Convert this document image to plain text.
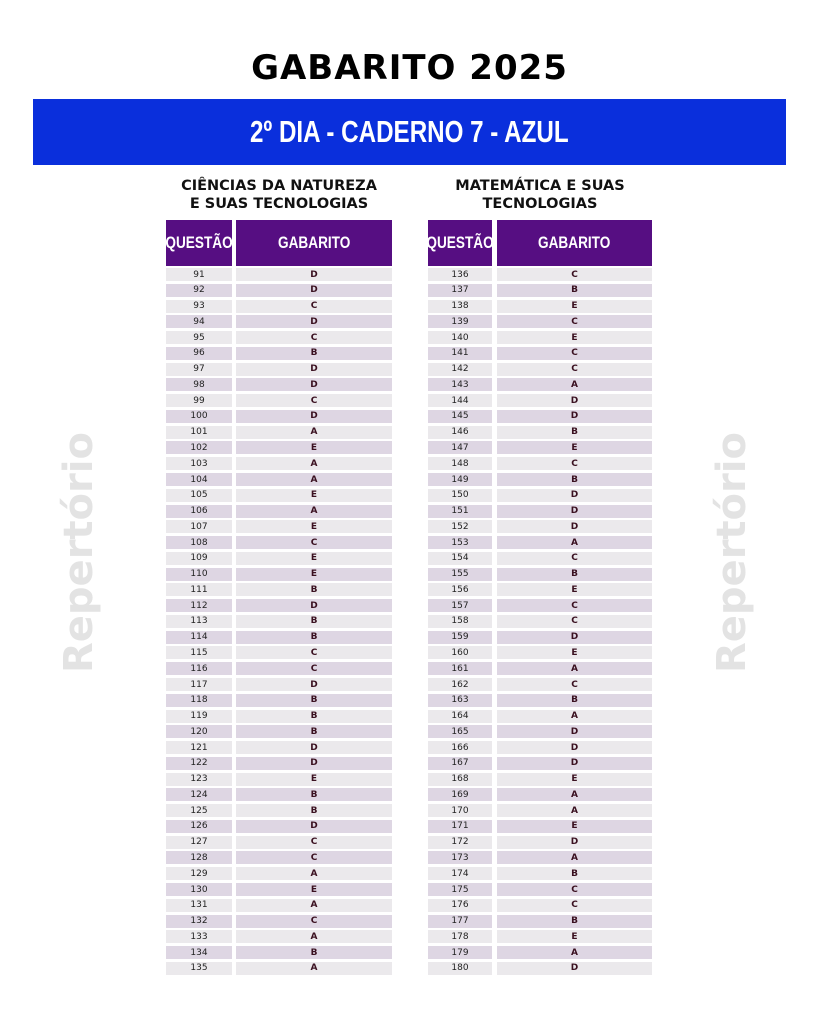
GABARITO 2025
2º DIA - CADERNO 7 - AZUL
CIÊNCIAS DA NATUREZA
E SUAS TECNOLOGIAS
QUESTÃO	GABARITO
91	D
92	D
93	C
94	D
95	C
96	B
97	D
98	D
99	C
100	D
101	A
102	E
103	A
104	A
105	E
106	A
107	E
108	C
109	E
110	E
111	B
112	D
113	B
114	B
115	C
116	C
117	D
118	B
119	B
120	B
121	D
122	D
123	E
124	B
125	B
126	D
127	C
128	C
129	A
130	E
131	A
132	C
133	A
134	B
135	A
MATEMÁTICA E SUAS
TECNOLOGIAS
QUESTÃO	GABARITO
136	C
137	B
138	E
139	C
140	E
141	C
142	C
143	A
144	D
145	D
146	B
147	E
148	C
149	B
150	D
151	D
152	D
153	A
154	C
155	B
156	E
157	C
158	C
159	D
160	E
161	A
162	C
163	B
164	A
165	D
166	D
167	D
168	E
169	A
170	A
171	E
172	D
173	A
174	B
175	C
176	C
177	B
178	E
179	A
180	D
Repertório	Repertório
